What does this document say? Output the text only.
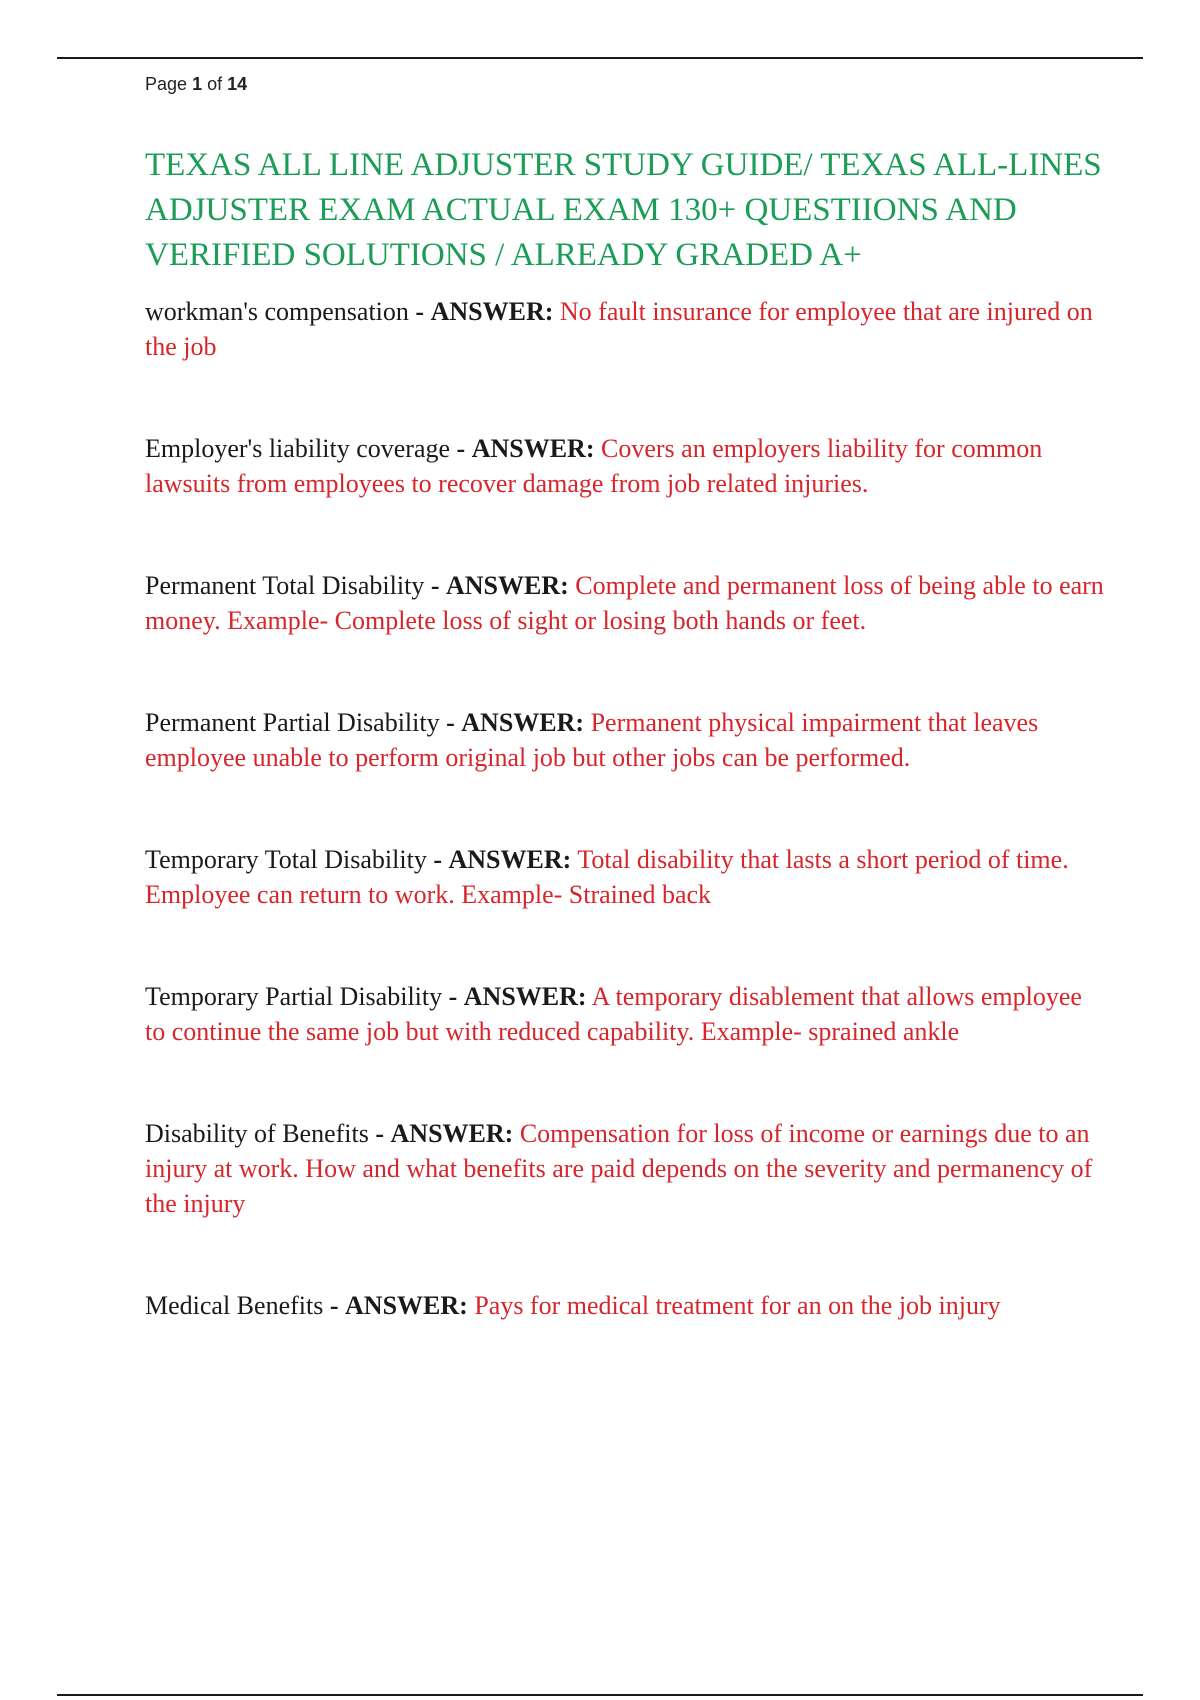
Page 1 of 14
TEXAS ALL LINE ADJUSTER STUDY GUIDE/ TEXAS ALL-LINES ADJUSTER EXAM ACTUAL EXAM 130+ QUESTIIONS AND VERIFIED SOLUTIONS / ALREADY GRADED A+
workman's compensation - ANSWER: No fault insurance for employee that are injured on the job
Employer's liability coverage - ANSWER: Covers an employers liability for common lawsuits from employees to recover damage from job related injuries.
Permanent Total Disability - ANSWER: Complete and permanent loss of being able to earn money. Example- Complete loss of sight or losing both hands or feet.
Permanent Partial Disability - ANSWER: Permanent physical impairment that leaves employee unable to perform original job but other jobs can be performed.
Temporary Total Disability - ANSWER: Total disability that lasts a short period of time. Employee can return to work. Example- Strained back
Temporary Partial Disability - ANSWER: A temporary disablement that allows employee to continue the same job but with reduced capability. Example- sprained ankle
Disability of Benefits - ANSWER: Compensation for loss of income or earnings due to an injury at work. How and what benefits are paid depends on the severity and permanency of the injury
Medical Benefits - ANSWER: Pays for medical treatment for an on the job injury
